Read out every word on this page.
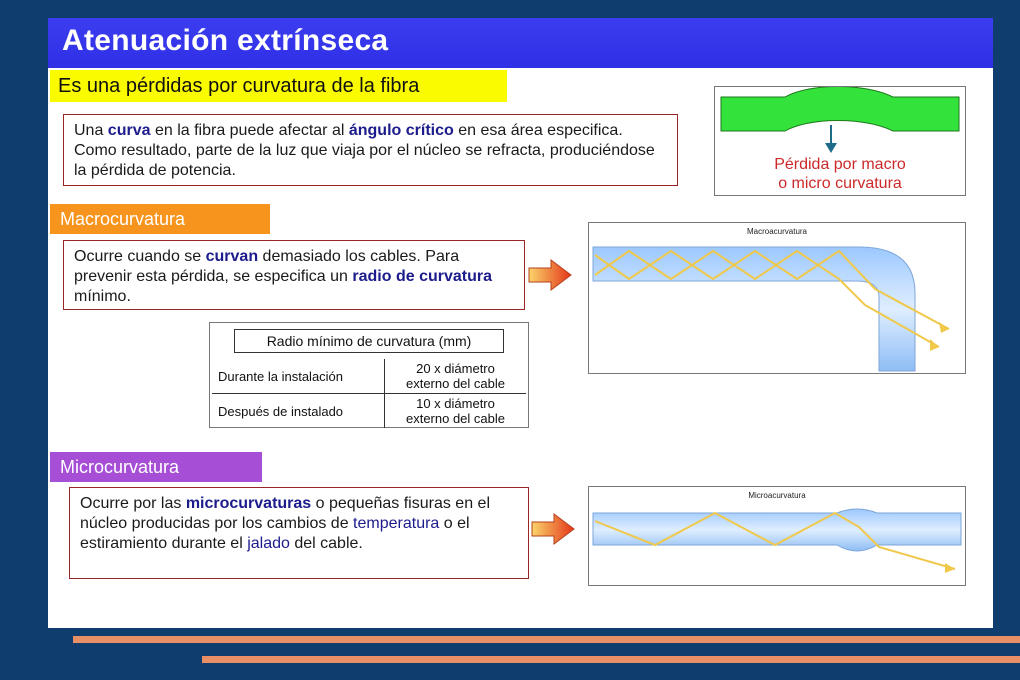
Atenuación extrínseca
Es una pérdidas por curvatura de la fibra
Una curva en la fibra puede afectar al ángulo crítico en esa área especifica. Como resultado, parte de la luz que viaja por el núcleo se refracta, produciéndose la pérdida de potencia.	Pérdida por macro
o micro curvatura
Macrocurvatura
Ocurre cuando se curvan demasiado los cables. Para prevenir esta pérdida, se especifica un radio de curvatura mínimo.
Macroacurvatura
Radio mínimo de curvatura (mm)
Durante la instalación	20 x diámetro
externo del cable

Después de instalado	10 x diámetro
externo del cable
Microcurvatura
Ocurre por las microcurvaturas o pequeñas fisuras en el núcleo producidas por los cambios de temperatura o el estiramiento durante el jalado del cable.
Microacurvatura
